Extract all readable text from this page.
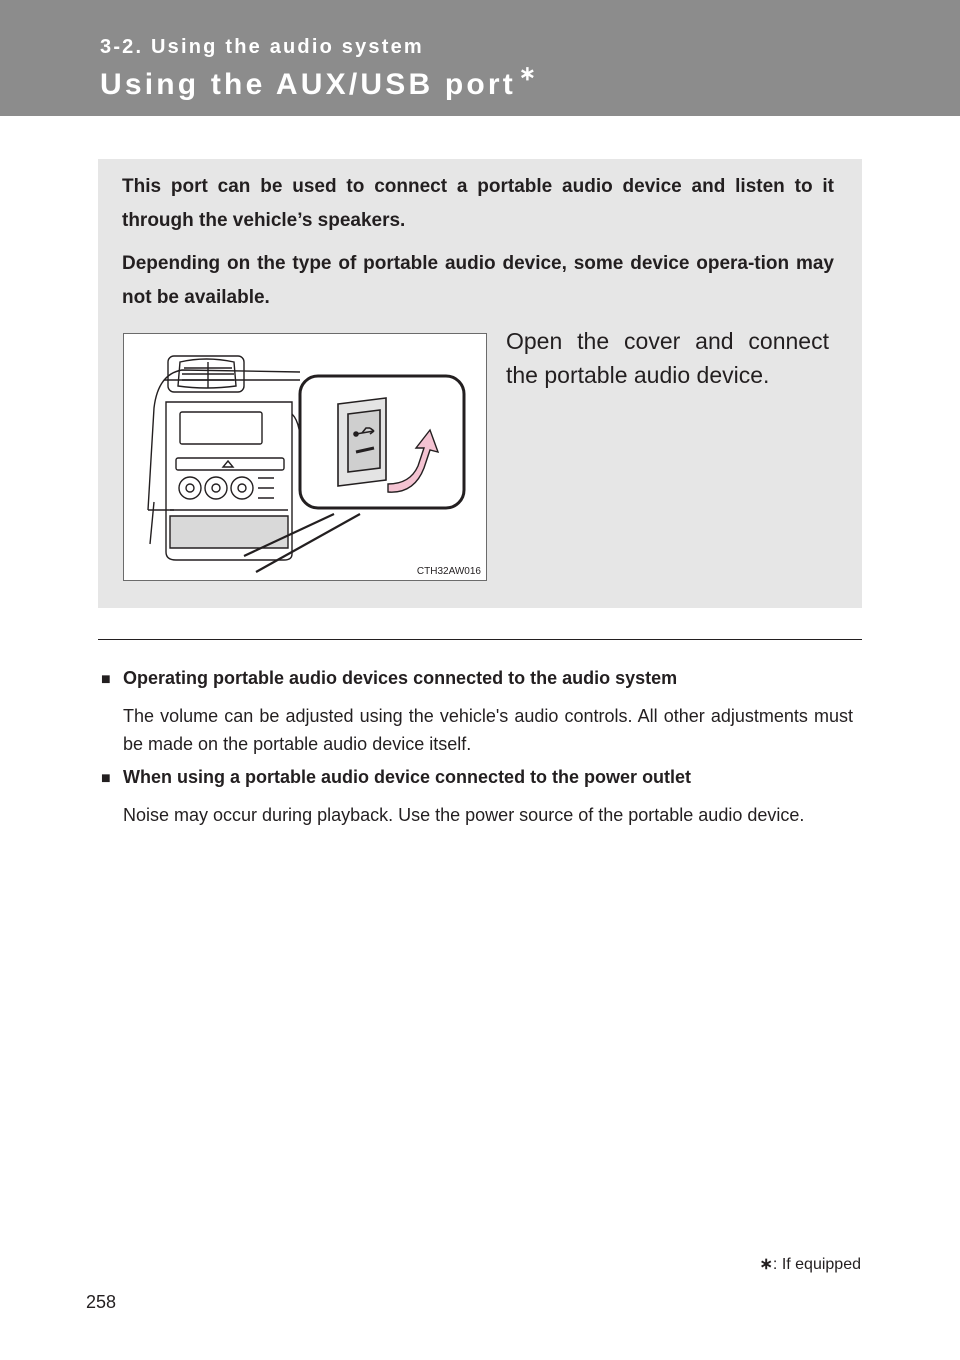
3-2. Using the audio system
Using the AUX/USB port ∗

This port can be used to connect a portable audio device and listen to it through the vehicle’s speakers.

Depending on the type of portable audio device, some device opera-tion may not be available.

CTH32AW016

Open the cover and connect the portable audio device.

■ Operating portable audio devices connected to the audio system

The volume can be adjusted using the vehicle's audio controls. All other adjustments must be made on the portable audio device itself.

■ When using a portable audio device connected to the power outlet

Noise may occur during playback. Use the power source of the portable audio device.

∗: If equipped
258
